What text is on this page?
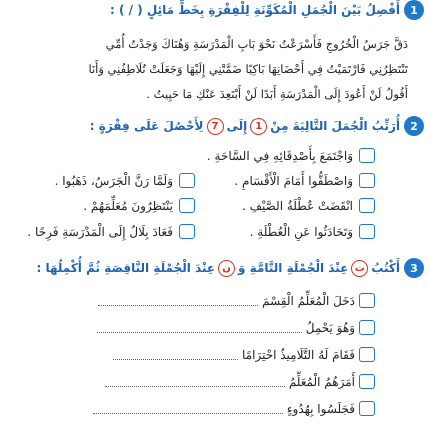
1
أَفْصِلُ بَيْنَ الْجُمَلِ الْمُكَوِّنَةِ لِلْفِقْرَةِ بِخَطٍّ مَائِلٍ ( / ) :
دَقَّ جَرَسُ الْخُرُوجِ فَأَسْرَعْتُ نَحْوَ بَابِ الْمَدْرَسَةِ وَهُنَاكَ وَجَدْتُ أُمِّي
تَنْتَظِرُنِي فَارْتَمَيْتُ فِي أَحْضَانِهَا بَاكِيًا ضَمَّتْنِي إِلَيْهَا وَجَعَلَتْ تُلَاطِفُنِي وَأَنَا
أَقُولُ لَنْ أَعُودَ إِلَى الْمَدْرَسَةِ أَبَدًا لَنْ أَبْتَعِدَ عَنْكِ مَا حَيِيتُ .
2
أُرَتِّبُ الْجُمَلَ التَّالِيَةَ مِنْ
1
إِلَى
7
لِأَحْصُلَ عَلَى فِقْرَةٍ :
وَاجْتَمَعَ بِأَصْدِقَائِهِ فِي السَّاحَةِ .
وَاصْطَفُّوا أَمَامَ الْأَقْسَامِ .
وَلَمَّا رَنَّ الْجَرَسُ، ذَهَبُوا .
انْقَضَتْ عُطْلَةُ الصَّيْفِ .
يَنْتَظِرُونَ مُعَلِّمَهُمْ .
وَتَحَادَثُوا عَنِ الْعُطْلَةِ .
فَعَادَ بِلَالٌ إِلَى الْمَدْرَسَةِ فَرِحًا .
3
أَكْتُبُ
ت
عِنْدَ الْجُمْلَةِ التَّامَّةِ وَ
ن
عِنْدَ الْجُمْلَةِ النَّاقِصَةِ ثُمَّ أُكْمِلُهَا :
دَخَلَ الْمُعَلِّمُ الْقِسْمَ
وَهُوَ يَحْمِلُ
فَقَامَ لَهُ التَّلَامِيذُ احْتِرَامًا
أَمَرَهُمُ الْمُعَلِّمُ
فَجَلَسُوا بِهُدُوءٍ
